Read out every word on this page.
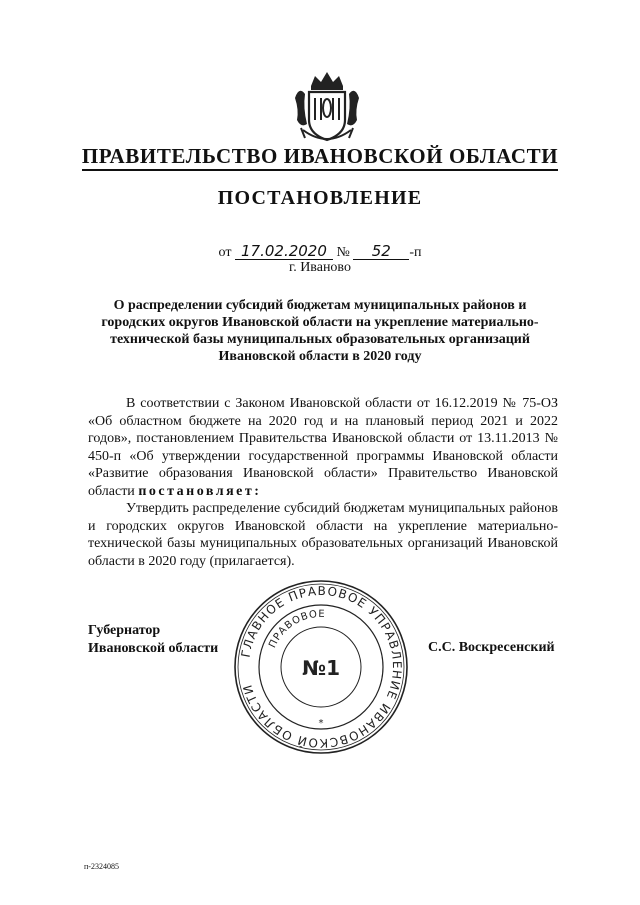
ПРАВИТЕЛЬСТВО ИВАНОВСКОЙ ОБЛАСТИ
ПОСТАНОВЛЕНИЕ
от 17.02.2020 № 52 -п
г. Иваново
О распределении субсидий бюджетам муниципальных районов и городских округов Ивановской области на укрепление материально-технической базы муниципальных образовательных организаций Ивановской области в 2020 году

В соответствии с Законом Ивановской области от 16.12.2019 № 75-ОЗ «Об областном бюджете на 2020 год и на плановый период 2021 и 2022 годов», постановлением Правительства Ивановской области от 13.11.2013 № 450-п «Об утверждении государственной программы Ивановской области «Развитие образования Ивановской области» Правительство Ивановской области постановляет:

Утвердить распределение субсидий бюджетам муниципальных районов и городских округов Ивановской области на укрепление материально-технической базы муниципальных образовательных организаций Ивановской области в 2020 году (прилагается).

Губернатор
Ивановской области	С.С. Воскресенский
ГЛАВНОЕ ПРАВОВОЕ УПРАВЛЕНИЕ ИВАНОВСКОЙ ОБЛАСТИ
ПРАВОВОЕ
№1
*
п-2324085
